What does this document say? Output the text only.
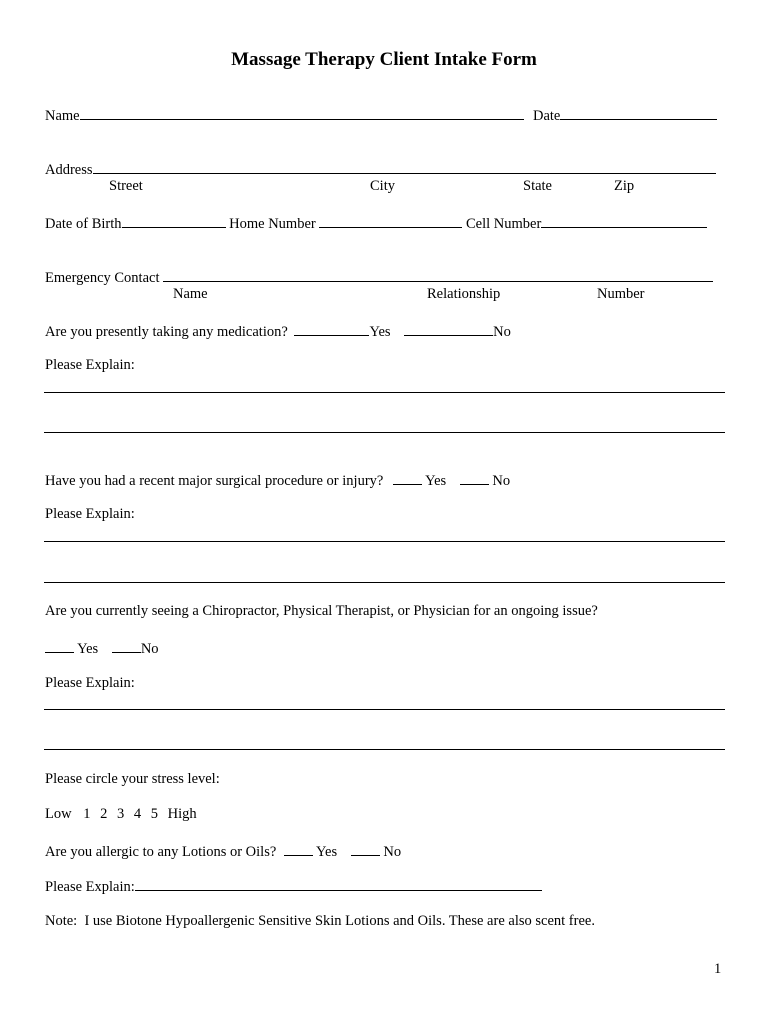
Massage Therapy Client Intake Form
Name	Date
Address
Street	City	State	Zip
Date of Birth	Home Number	Cell Number
Emergency Contact
Name	Relationship	Number
Are you presently taking any medication?	Yes	No
Please Explain:
Have you had a recent major surgical procedure or injury?	Yes	No
Please Explain:
Are you currently seeing a Chiropractor, Physical Therapist, or Physician for an ongoing issue?
Yes	No
Please Explain:
Please circle your stress level:
Low 1 2 3 4 5 High
Are you allergic to any Lotions or Oils?	Yes	No
Please Explain:
Note:  I use Biotone Hypoallergenic Sensitive Skin Lotions and Oils. These are also scent free.
1
